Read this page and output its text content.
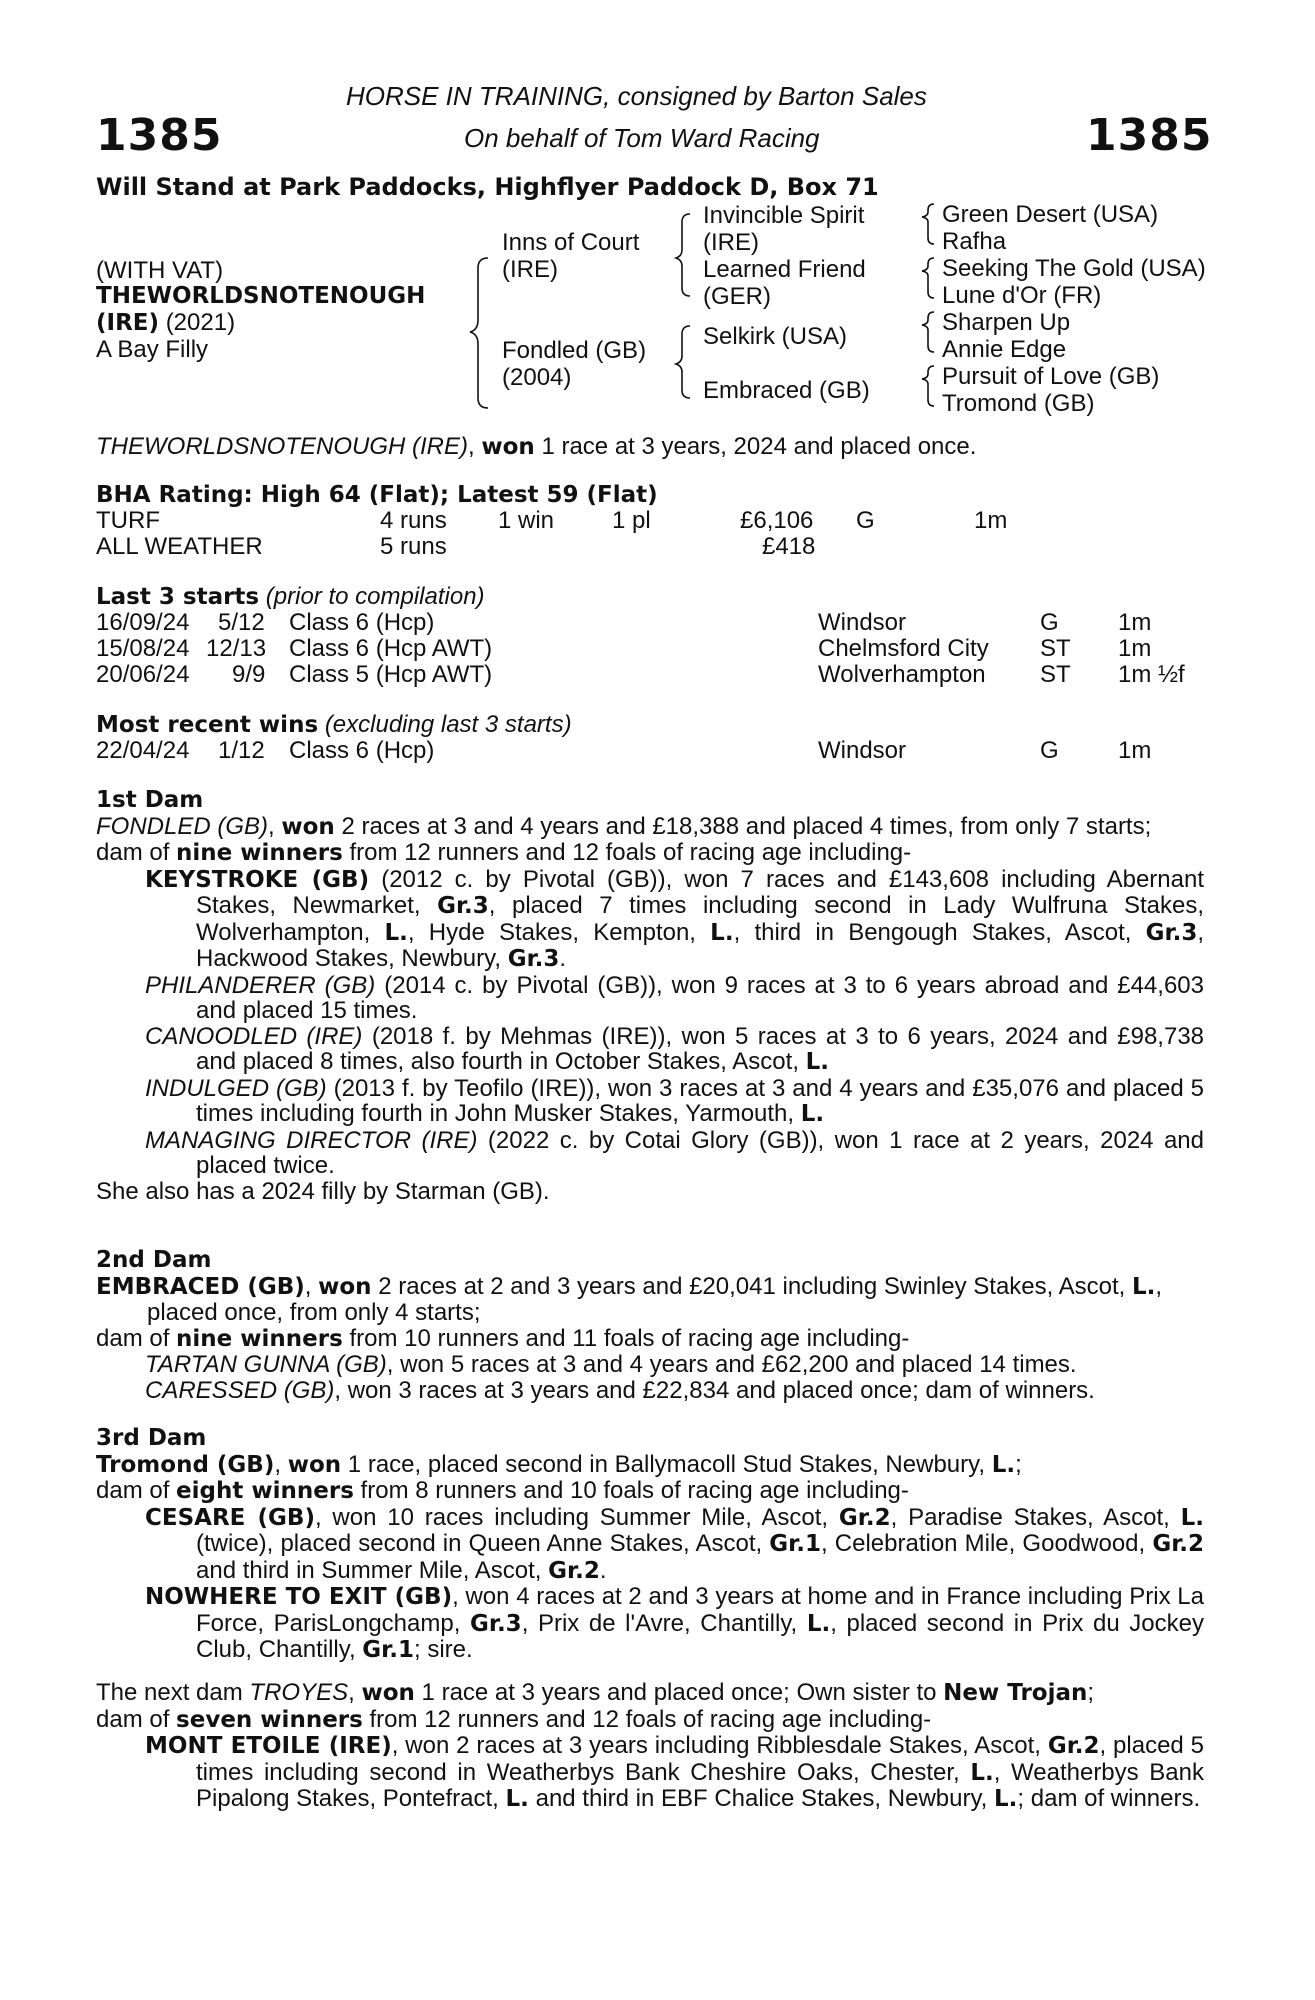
1385	1385
HORSE IN TRAINING, consigned by Barton Sales
On behalf of Tom Ward Racing
Will Stand at Park Paddocks, Highflyer Paddock D, Box 71
(WITH VAT)
THEWORLDSNOTENOUGH
(IRE) (2021)
A Bay Filly
Inns of Court
(IRE)
Fondled (GB)
(2004)
Invincible Spirit
(IRE)
Learned Friend
(GER)
Selkirk (USA)
Embraced (GB)
Green Desert (USA)
Rafha
Seeking The Gold (USA)
Lune d'Or (FR)
Sharpen Up
Annie Edge
Pursuit of Love (GB)
Tromond (GB)
THEWORLDSNOTENOUGH (IRE), won 1 race at 3 years, 2024 and placed once.
BHA Rating: High 64 (Flat); Latest 59 (Flat)
TURF	4 runs 1 win 1 pl	£6,106 G	1m
ALL WEATHER	5 runs	£418
Last 3 starts (prior to compilation)
16/09/24 5/12 Class 6 (Hcp)	Windsor	G 1m
15/08/24 12/13 Class 6 (Hcp AWT)	Chelmsford City ST 1m
20/06/24 9/9 Class 5 (Hcp AWT)	Wolverhampton ST 1m ½f
Most recent wins (excluding last 3 starts)
22/04/24 1/12 Class 6 (Hcp)	Windsor	G 1m

1st Dam

FONDLED (GB), won 2 races at 3 and 4 years and £18,388 and placed 4 times, from only 7 starts;

dam of nine winners from 12 runners and 12 foals of racing age including-

KEYSTROKE (GB) (2012 c. by Pivotal (GB)), won 7 races and £143,608 including Abernant Stakes, Newmarket, Gr.3, placed 7 times including second in Lady Wulfruna Stakes, Wolverhampton, L., Hyde Stakes, Kempton, L., third in Bengough Stakes, Ascot, Gr.3, Hackwood Stakes, Newbury, Gr.3.

PHILANDERER (GB) (2014 c. by Pivotal (GB)), won 9 races at 3 to 6 years abroad and £44,603 and placed 15 times.

CANOODLED (IRE) (2018 f. by Mehmas (IRE)), won 5 races at 3 to 6 years, 2024 and £98,738 and placed 8 times, also fourth in October Stakes, Ascot, L.

INDULGED (GB) (2013 f. by Teofilo (IRE)), won 3 races at 3 and 4 years and £35,076 and placed 5 times including fourth in John Musker Stakes, Yarmouth, L.

MANAGING DIRECTOR (IRE) (2022 c. by Cotai Glory (GB)), won 1 race at 2 years, 2024 and placed twice.

She also has a 2024 filly by Starman (GB).

2nd Dam

EMBRACED (GB), won 2 races at 2 and 3 years and £20,041 including Swinley Stakes, Ascot, L., placed once, from only 4 starts;

dam of nine winners from 10 runners and 11 foals of racing age including-

TARTAN GUNNA (GB), won 5 races at 3 and 4 years and £62,200 and placed 14 times.

CARESSED (GB), won 3 races at 3 years and £22,834 and placed once; dam of winners.

3rd Dam

Tromond (GB), won 1 race, placed second in Ballymacoll Stud Stakes, Newbury, L.;

dam of eight winners from 8 runners and 10 foals of racing age including-

CESARE (GB), won 10 races including Summer Mile, Ascot, Gr.2, Paradise Stakes, Ascot, L. (twice), placed second in Queen Anne Stakes, Ascot, Gr.1, Celebration Mile, Goodwood, Gr.2 and third in Summer Mile, Ascot, Gr.2.

NOWHERE TO EXIT (GB), won 4 races at 2 and 3 years at home and in France including Prix La Force, ParisLongchamp, Gr.3, Prix de l'Avre, Chantilly, L., placed second in Prix du Jockey Club, Chantilly, Gr.1; sire.

The next dam TROYES, won 1 race at 3 years and placed once; Own sister to New Trojan;

dam of seven winners from 12 runners and 12 foals of racing age including-

MONT ETOILE (IRE), won 2 races at 3 years including Ribblesdale Stakes, Ascot, Gr.2, placed 5 times including second in Weatherbys Bank Cheshire Oaks, Chester, L., Weatherbys Bank Pipalong Stakes, Pontefract, L. and third in EBF Chalice Stakes, Newbury, L.; dam of winners.
